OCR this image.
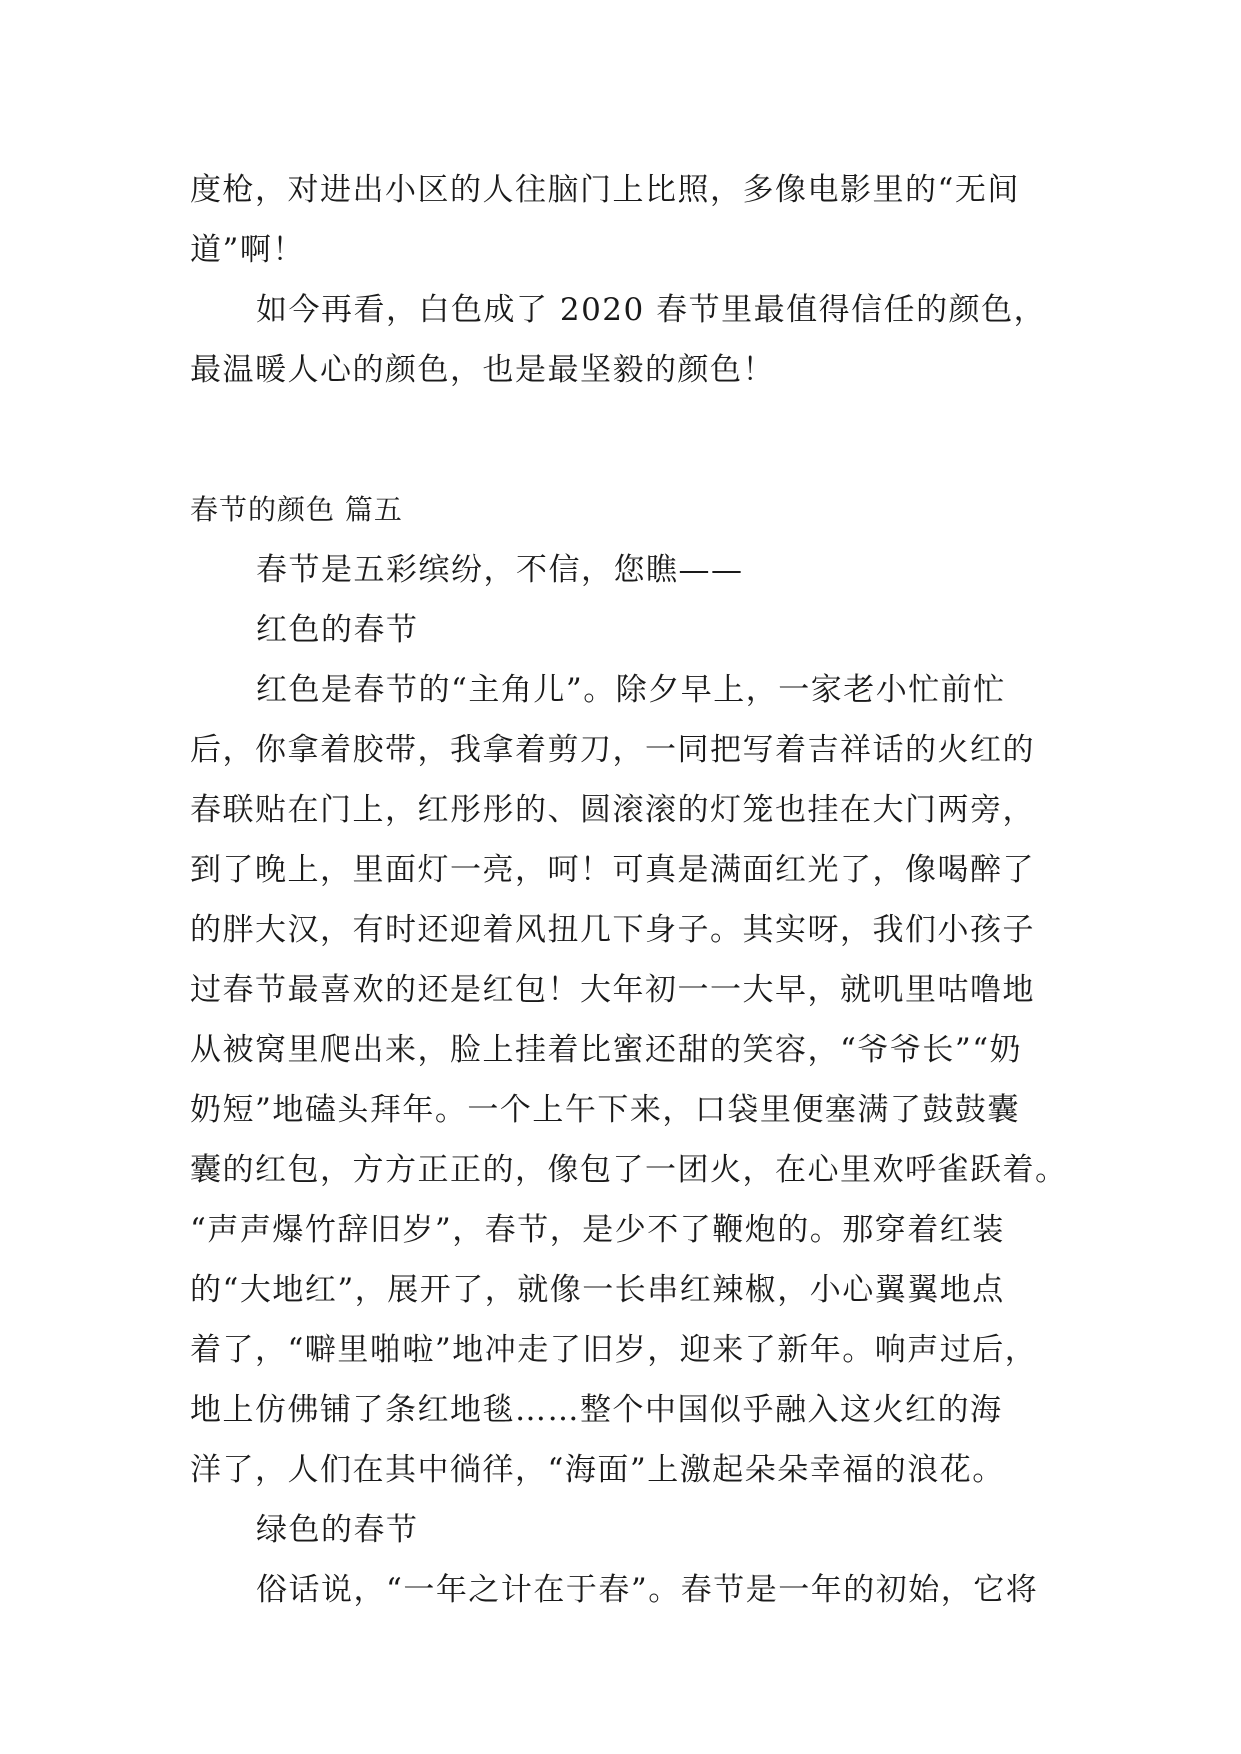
度枪，对进出小区的人往脑门上比照，多像电影里的“无间
道”啊！
如今再看，白色成了 2020 春节里最值得信任的颜色，
最温暖人心的颜色，也是最坚毅的颜色！
春节的颜色 篇五
春节是五彩缤纷，不信，您瞧——
红色的春节
红色是春节的“主角儿”。除夕早上，一家老小忙前忙
后，你拿着胶带，我拿着剪刀，一同把写着吉祥话的火红的
春联贴在门上，红彤彤的、圆滚滚的灯笼也挂在大门两旁，
到了晚上，里面灯一亮，呵！可真是满面红光了，像喝醉了
的胖大汉，有时还迎着风扭几下身子。其实呀，我们小孩子
过春节最喜欢的还是红包！大年初一一大早，就叽里咕噜地
从被窝里爬出来，脸上挂着比蜜还甜的笑容，“爷爷长”“奶
奶短”地磕头拜年。一个上午下来，口袋里便塞满了鼓鼓囊
囊的红包，方方正正的，像包了一团火，在心里欢呼雀跃着。
“声声爆竹辞旧岁”，春节，是少不了鞭炮的。那穿着红装
的“大地红”，展开了，就像一长串红辣椒，小心翼翼地点
着了，“噼里啪啦”地冲走了旧岁，迎来了新年。响声过后，
地上仿佛铺了条红地毯……整个中国似乎融入这火红的海
洋了，人们在其中徜徉，“海面”上激起朵朵幸福的浪花。
绿色的春节
俗话说，“一年之计在于春”。春节是一年的初始，它将
